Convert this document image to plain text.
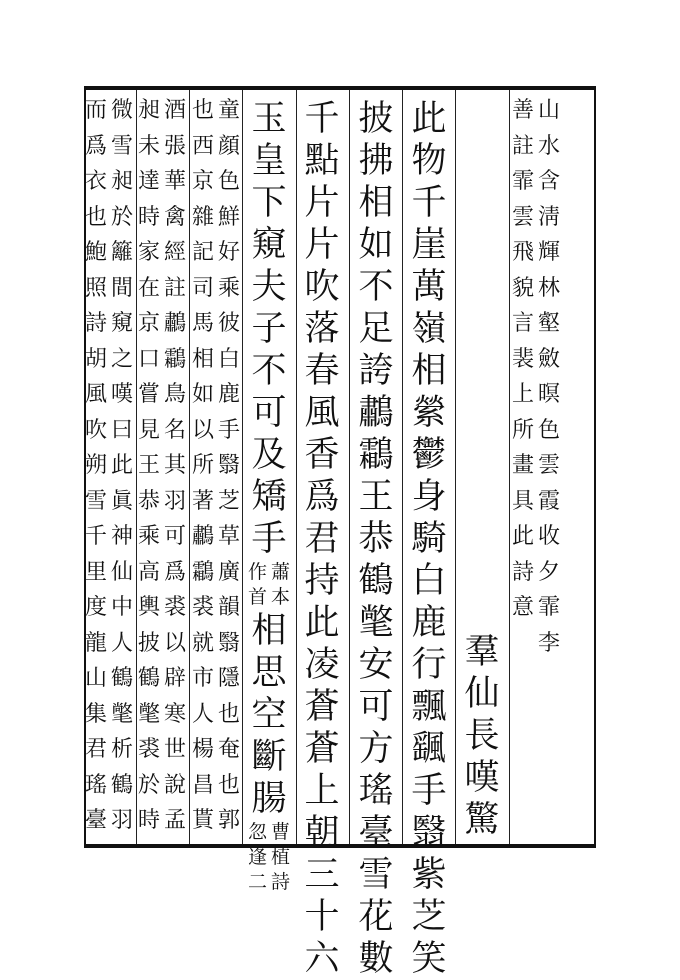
山
水
含
淸
輝
林
壑
斂
暝
色
雲
霞
收
夕
霏
李
善
註
霏
雲
飛
貌
言
裴
上
所
畫
具
此
詩
意
羣
仙
長
嘆
驚
此
物
千
崖
萬
嶺
相
縈
鬱
身
騎
白
鹿
行
飄
颻
手
翳
紫
芝
笑
披
拂
相
如
不
足
誇
鷫
鸘
王
恭
鶴
氅
安
可
方
瑤
臺
雪
花
數
千
點
片
片
吹
落
春
風
香
爲
君
持
此
凌
蒼
蒼
上
朝
三
十
六
玉
皇
下
窺
夫
子
不
可
及
矯
手
蕭
本
作
首
相
思
空
斷
腸
曹
植
詩
忽
逢
二
童
顔
色
鮮
好
乘
彼
白
鹿
手
翳
芝
草
廣
韻
翳
隱
也
奄
也
郭
也
西
京
雜
記
司
馬
相
如
以
所
著
鷫
鸘
裘
就
市
人
楊
昌
貰
酒
張
華
禽
經
註
鷫
鸘
鳥
名
其
羽
可
爲
裘
以
辟
寒
世
說
孟
昶
未
達
時
家
在
京
口
嘗
見
王
恭
乘
高
輿
披
鶴
氅
裘
於
時
微
雪
昶
於
籬
間
窺
之
嘆
曰
此
眞
神
仙
中
人
鶴
氅
析
鶴
羽
而
爲
衣
也
鮑
照
詩
胡
風
吹
朔
雪
千
里
度
龍
山
集
君
瑤
臺
